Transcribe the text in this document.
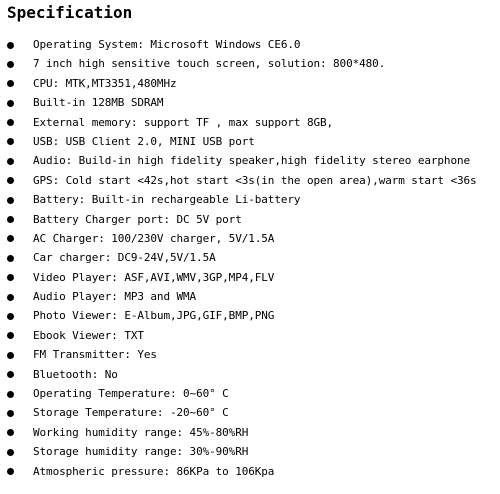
Specification
Operating System: Microsoft Windows CE6.0
7 inch high sensitive touch screen, solution: 800*480.
CPU: MTK,MT3351,480MHz
Built-in 128MB SDRAM
External memory: support TF , max support 8GB,
USB: USB Client 2.0, MINI USB port
Audio: Build-in high fidelity speaker,high fidelity stereo earphone
GPS: Cold start <42s,hot start <3s(in the open area),warm start <36s
Battery: Built-in rechargeable Li-battery
Battery Charger port: DC 5V port
AC Charger: 100/230V charger, 5V/1.5A
Car charger: DC9-24V,5V/1.5A
Video Player: ASF,AVI,WMV,3GP,MP4,FLV
Audio Player: MP3 and WMA
Photo Viewer: E-Album,JPG,GIF,BMP,PNG
Ebook Viewer: TXT
FM Transmitter: Yes
Bluetooth: No
Operating Temperature: 0~60° C
Storage Temperature: -20~60° C
Working humidity range: 45%-80%RH
Storage humidity range: 30%-90%RH
Atmospheric pressure: 86KPa to 106Kpa
